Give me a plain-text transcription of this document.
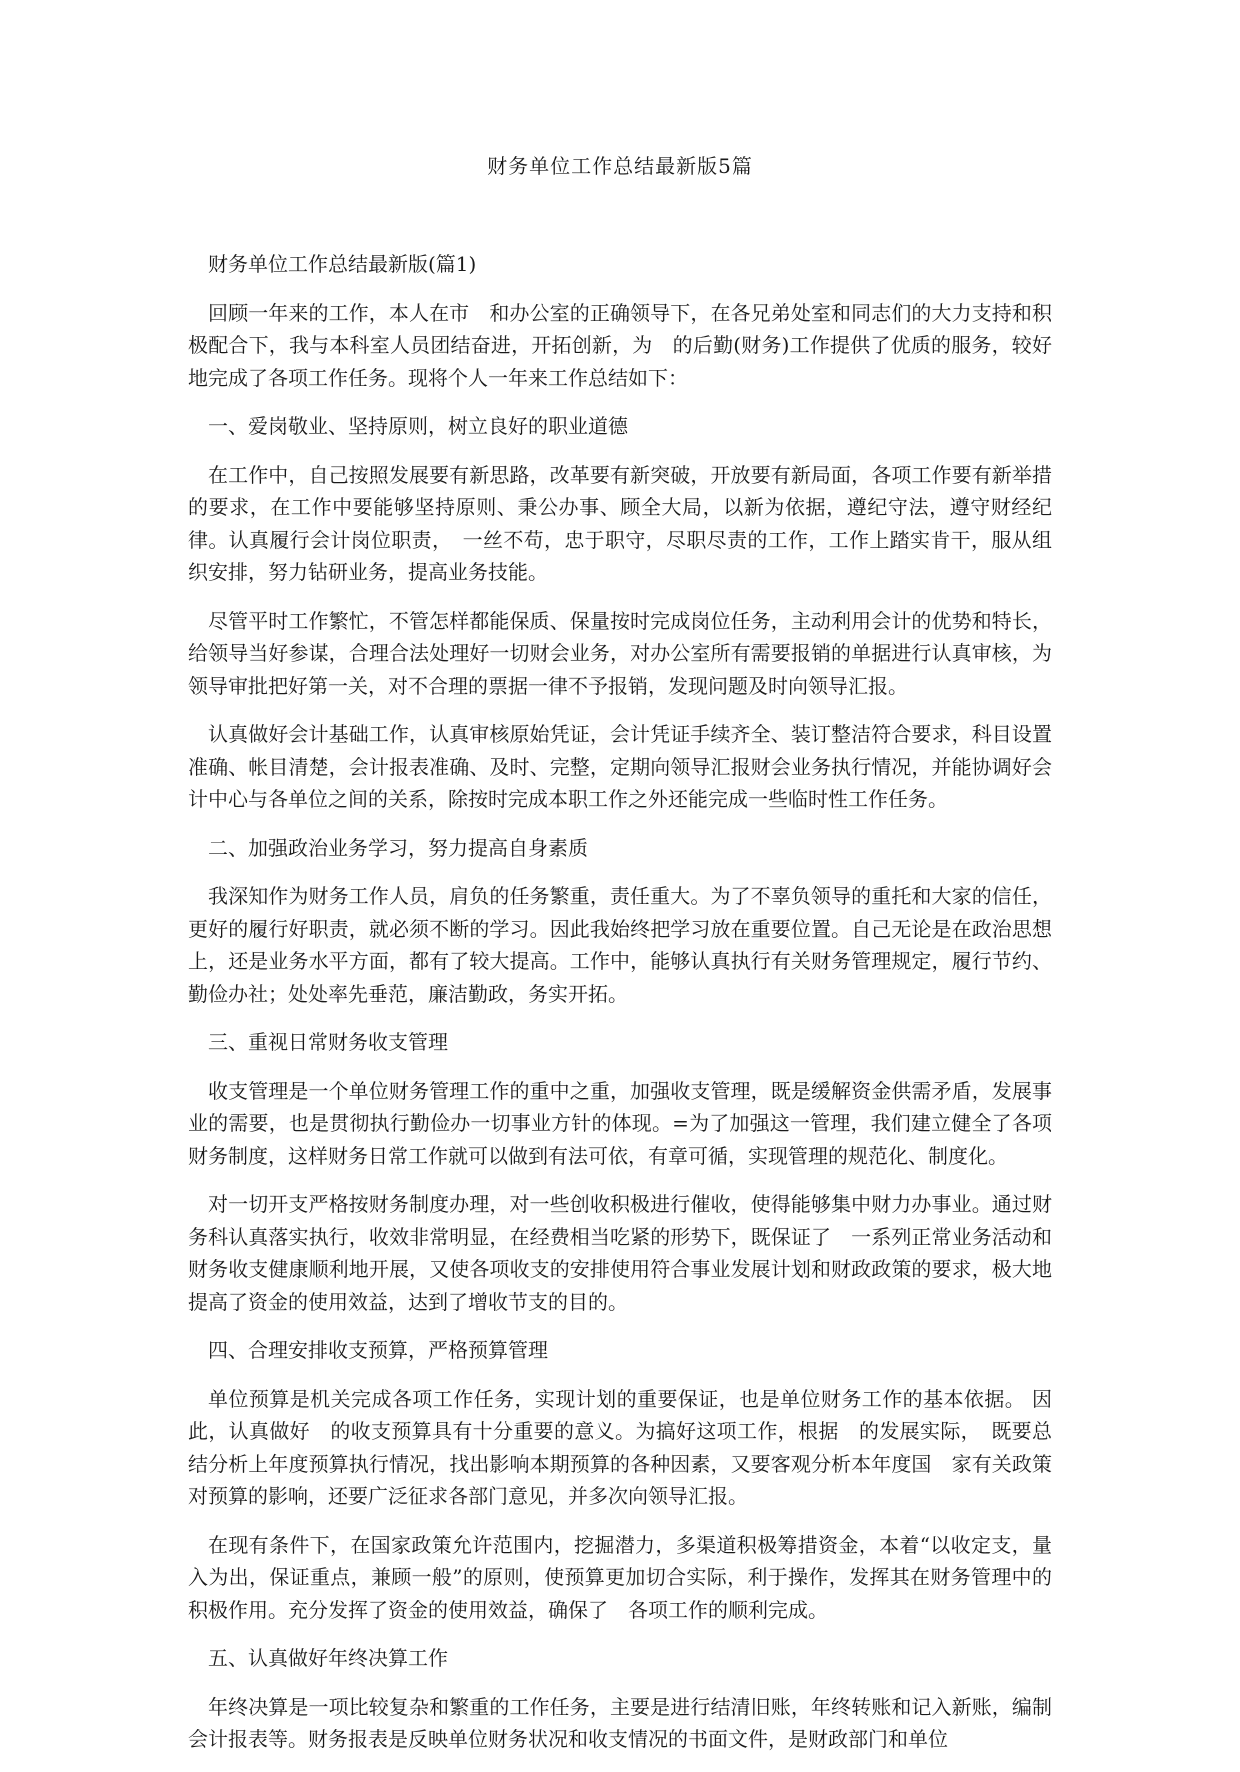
财务单位工作总结最新版5篇

财务单位工作总结最新版(篇1)

回顾一年来的工作，本人在市　和办公室的正确领导下，在各兄弟处室和同志们的大力支持和积极配合下，我与本科室人员团结奋进，开拓创新，为　的后勤(财务)工作提供了优质的服务，较好地完成了各项工作任务。现将个人一年来工作总结如下：

一、爱岗敬业、坚持原则，树立良好的职业道德

在工作中，自己按照发展要有新思路，改革要有新突破，开放要有新局面，各项工作要有新举措的要求，在工作中要能够坚持原则、秉公办事、顾全大局，以新为依据，遵纪守法，遵守财经纪律。认真履行会计岗位职责，　一丝不苟，忠于职守，尽职尽责的工作，工作上踏实肯干，服从组织安排，努力钻研业务，提高业务技能。

尽管平时工作繁忙，不管怎样都能保质、保量按时完成岗位任务，主动利用会计的优势和特长，给领导当好参谋，合理合法处理好一切财会业务，对办公室所有需要报销的单据进行认真审核，为领导审批把好第一关，对不合理的票据一律不予报销，发现问题及时向领导汇报。

认真做好会计基础工作，认真审核原始凭证，会计凭证手续齐全、装订整洁符合要求，科目设置准确、帐目清楚，会计报表准确、及时、完整，定期向领导汇报财会业务执行情况，并能协调好会计中心与各单位之间的关系，除按时完成本职工作之外还能完成一些临时性工作任务。

二、加强政治业务学习，努力提高自身素质

我深知作为财务工作人员，肩负的任务繁重，责任重大。为了不辜负领导的重托和大家的信任，更好的履行好职责，就必须不断的学习。因此我始终把学习放在重要位置。自己无论是在政治思想上，还是业务水平方面，都有了较大提高。工作中，能够认真执行有关财务管理规定，履行节约、勤俭办社；处处率先垂范，廉洁勤政，务实开拓。

三、重视日常财务收支管理

收支管理是一个单位财务管理工作的重中之重，加强收支管理，既是缓解资金供需矛盾，发展事业的需要，也是贯彻执行勤俭办一切事业方针的体现。=为了加强这一管理，我们建立健全了各项财务制度，这样财务日常工作就可以做到有法可依，有章可循，实现管理的规范化、制度化。

对一切开支严格按财务制度办理，对一些创收积极进行催收，使得能够集中财力办事业。通过财务科认真落实执行，收效非常明显，在经费相当吃紧的形势下，既保证了　一系列正常业务活动和财务收支健康顺利地开展，又使各项收支的安排使用符合事业发展计划和财政政策的要求，极大地提高了资金的使用效益，达到了增收节支的目的。

四、合理安排收支预算，严格预算管理

单位预算是机关完成各项工作任务，实现计划的重要保证，也是单位财务工作的基本依据。 因此，认真做好　的收支预算具有十分重要的意义。为搞好这项工作，根据　的发展实际，　既要总结分析上年度预算执行情况，找出影响本期预算的各种因素，又要客观分析本年度国　家有关政策对预算的影响，还要广泛征求各部门意见，并多次向领导汇报。

在现有条件下，在国家政策允许范围内，挖掘潜力，多渠道积极筹措资金，本着“以收定支，量入为出，保证重点，兼顾一般”的原则，使预算更加切合实际，利于操作，发挥其在财务管理中的积极作用。充分发挥了资金的使用效益，确保了　各项工作的顺利完成。

五、认真做好年终决算工作

年终决算是一项比较复杂和繁重的工作任务，主要是进行结清旧账，年终转账和记入新账，编制会计报表等。财务报表是反映单位财务状况和收支情况的书面文件，是财政部门和单位
